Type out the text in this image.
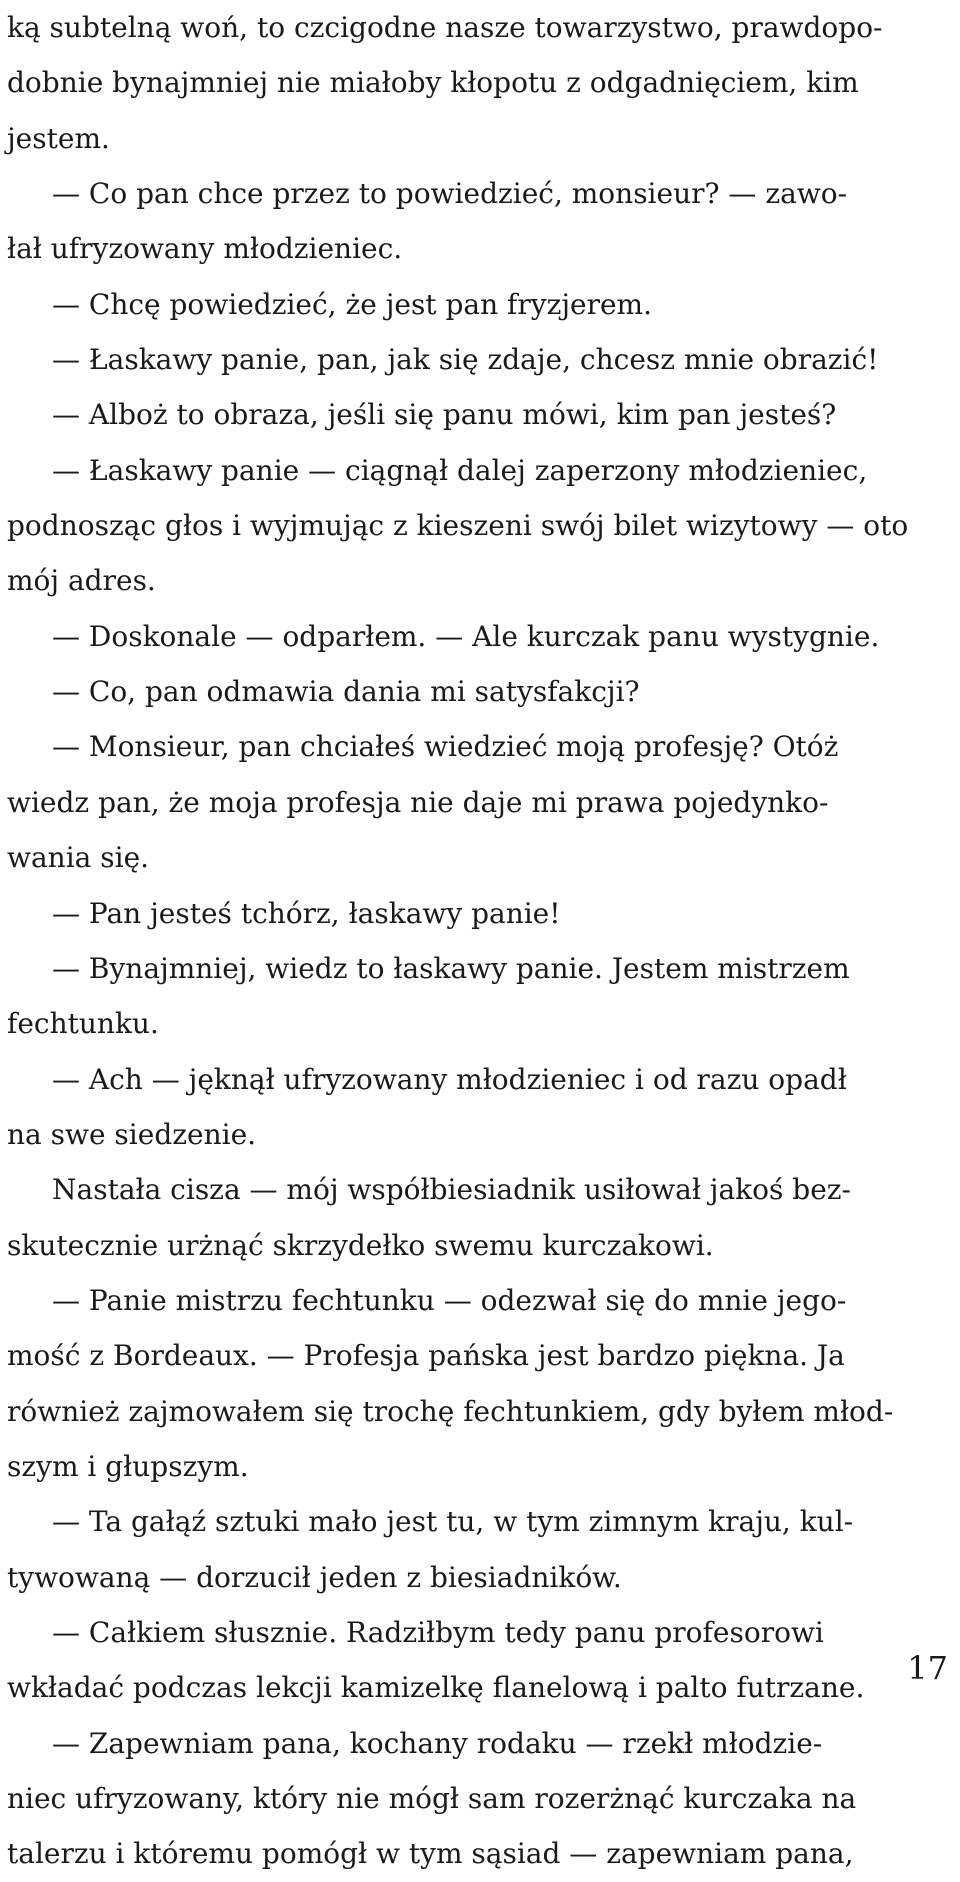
ką subtelną woń, to czcigodne nasze towarzystwo, prawdopo-
dobnie bynajmniej nie miałoby kłopotu z odgadnięciem, kim
jestem.
— Co pan chce przez to powiedzieć, monsieur? — zawo-
łał ufryzowany młodzieniec.
— Chcę powiedzieć, że jest pan fryzjerem.
— Łaskawy panie, pan, jak się zdaje, chcesz mnie obrazić!
— Alboż to obraza, jeśli się panu mówi, kim pan jesteś?
— Łaskawy panie — ciągnął dalej zaperzony młodzieniec,
podnosząc głos i wyjmując z kieszeni swój bilet wizytowy — oto
mój adres.
— Doskonale — odparłem. — Ale kurczak panu wystygnie.
— Co, pan odmawia dania mi satysfakcji?
— Monsieur, pan chciałeś wiedzieć moją profesję? Otóż
wiedz pan, że moja profesja nie daje mi prawa pojedynko-
wania się.
— Pan jesteś tchórz, łaskawy panie!
— Bynajmniej, wiedz to łaskawy panie. Jestem mistrzem
fechtunku.
— Ach — jęknął ufryzowany młodzieniec i od razu opadł
na swe siedzenie.
Nastała cisza — mój współbiesiadnik usiłował jakoś bez-
skutecznie urżnąć skrzydełko swemu kurczakowi.
— Panie mistrzu fechtunku — odezwał się do mnie jego-
mość z Bordeaux. — Profesja pańska jest bardzo piękna. Ja
również zajmowałem się trochę fechtunkiem, gdy byłem młod-
szym i głupszym.
— Ta gałąź sztuki mało jest tu, w tym zimnym kraju, kul-
tywowaną — dorzucił jeden z biesiadników.
— Całkiem słusznie. Radziłbym tedy panu profesorowi
wkładać podczas lekcji kamizelkę flanelową i palto futrzane.
— Zapewniam pana, kochany rodaku — rzekł młodzie-
niec ufryzowany, który nie mógł sam rozerżnąć kurczaka na
talerzu i któremu pomógł w tym sąsiad — zapewniam pana,
17
